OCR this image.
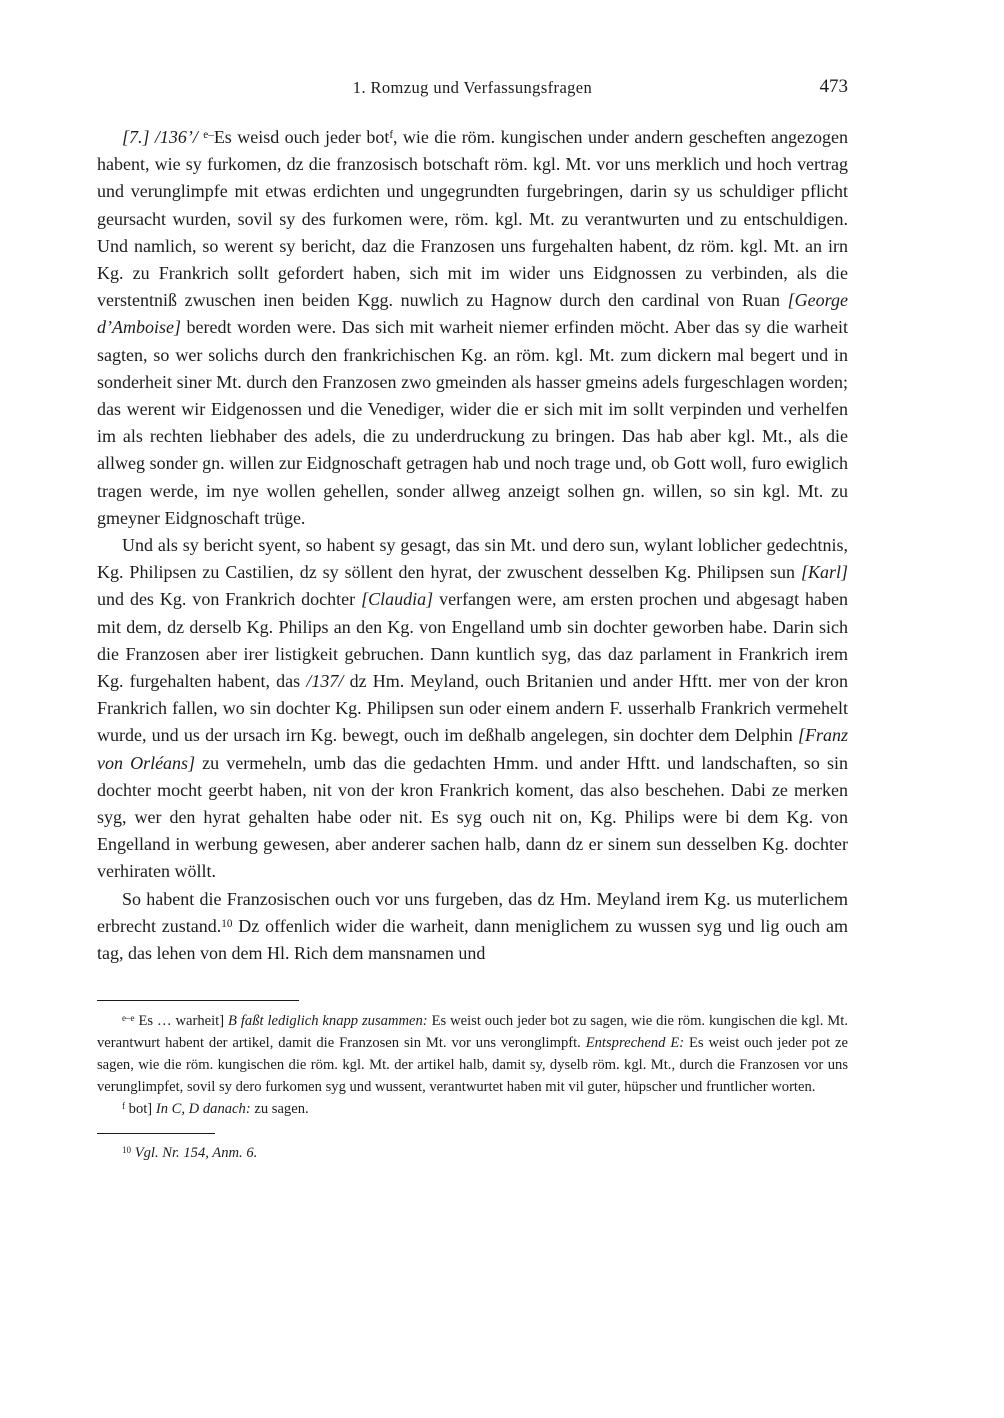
1. Romzug und Verfassungsfragen	473

[7.] /136’/ $^{e-}$Es weisd ouch jeder bot$^f$, wie die röm. kungischen under andern gescheften angezogen habent, wie sy furkomen, dz die franzosisch botschaft röm. kgl. Mt. vor uns merklich und hoch vertrag und verunglimpfe mit etwas erdichten und ungegrundten furgebringen, darin sy us schuldiger pflicht geursacht wurden, sovil sy des furkomen were, röm. kgl. Mt. zu verantwurten und zu entschuldigen. Und namlich, so werent sy bericht, daz die Franzosen uns furgehalten habent, dz röm. kgl. Mt. an irn Kg. zu Frankrich sollt gefordert haben, sich mit im wider uns Eidgnossen zu verbinden, als die verstentniß zwuschen inen beiden Kgg. nuwlich zu Hagnow durch den cardinal von Ruan [George d’Amboise] beredt worden were. Das sich mit warheit niemer erfinden möcht. Aber das sy die warheit sagten, so wer solichs durch den frankrichischen Kg. an röm. kgl. Mt. zum dickern mal begert und in sonderheit siner Mt. durch den Franzosen zwo gmeinden als hasser gmeins adels furgeschlagen worden; das werent wir Eidgenossen und die Venediger, wider die er sich mit im sollt verpinden und verhelfen im als rechten liebhaber des adels, die zu underdruckung zu bringen. Das hab aber kgl. Mt., als die allweg sonder gn. willen zur Eidgnoschaft getragen hab und noch trage und, ob Gott woll, furo ewiglich tragen werde, im nye wollen gehellen, sonder allweg anzeigt solhen gn. willen, so sin kgl. Mt. zu gmeyner Eidgnoschaft trüge.

Und als sy bericht syent, so habent sy gesagt, das sin Mt. und dero sun, wylant loblicher gedechtnis, Kg. Philipsen zu Castilien, dz sy söllent den hyrat, der zwuschent desselben Kg. Philipsen sun [Karl] und des Kg. von Frankrich dochter [Claudia] verfangen were, am ersten prochen und abgesagt haben mit dem, dz derselb Kg. Philips an den Kg. von Engelland umb sin dochter geworben habe. Darin sich die Franzosen aber irer listigkeit gebruchen. Dann kuntlich syg, das daz parlament in Frankrich irem Kg. furgehalten habent, das /137/ dz Hm. Meyland, ouch Britanien und ander Hftt. mer von der kron Frankrich fallen, wo sin dochter Kg. Philipsen sun oder einem andern F. usserhalb Frankrich vermehelt wurde, und us der ursach irn Kg. bewegt, ouch im deßhalb angelegen, sin dochter dem Delphin [Franz von Orléans] zu vermeheln, umb das die gedachten Hmm. und ander Hftt. und landschaften, so sin dochter mocht geerbt haben, nit von der kron Frankrich koment, das also beschehen. Dabi ze merken syg, wer den hyrat gehalten habe oder nit. Es syg ouch nit on, Kg. Philips were bi dem Kg. von Engelland in werbung gewesen, aber anderer sachen halb, dann dz er sinem sun desselben Kg. dochter verhiraten wöllt.

So habent die Franzosischen ouch vor uns furgeben, das dz Hm. Meyland irem Kg. us muterlichem erbrecht zustand.$^{10}$ Dz offenlich wider die warheit, dann meniglichem zu wussen syg und lig ouch am tag, das lehen von dem Hl. Rich dem mansnamen und

$^{e-e}$ Es … warheit] B faßt lediglich knapp zusammen: Es weist ouch jeder bot zu sagen, wie die röm. kungischen die kgl. Mt. verantwurt habent der artikel, damit die Franzosen sin Mt. vor uns veronglimpft. Entsprechend E: Es weist ouch jeder pot ze sagen, wie die röm. kungischen die röm. kgl. Mt. der artikel halb, damit sy, dyselb röm. kgl. Mt., durch die Franzosen vor uns verunglimpfet, sovil sy dero furkomen syg und wussent, verantwurtet haben mit vil guter, hüpscher und fruntlicher worten.

$^f$ bot] In C, D danach: zu sagen.

$^{10}$ Vgl. Nr. 154, Anm. 6.
